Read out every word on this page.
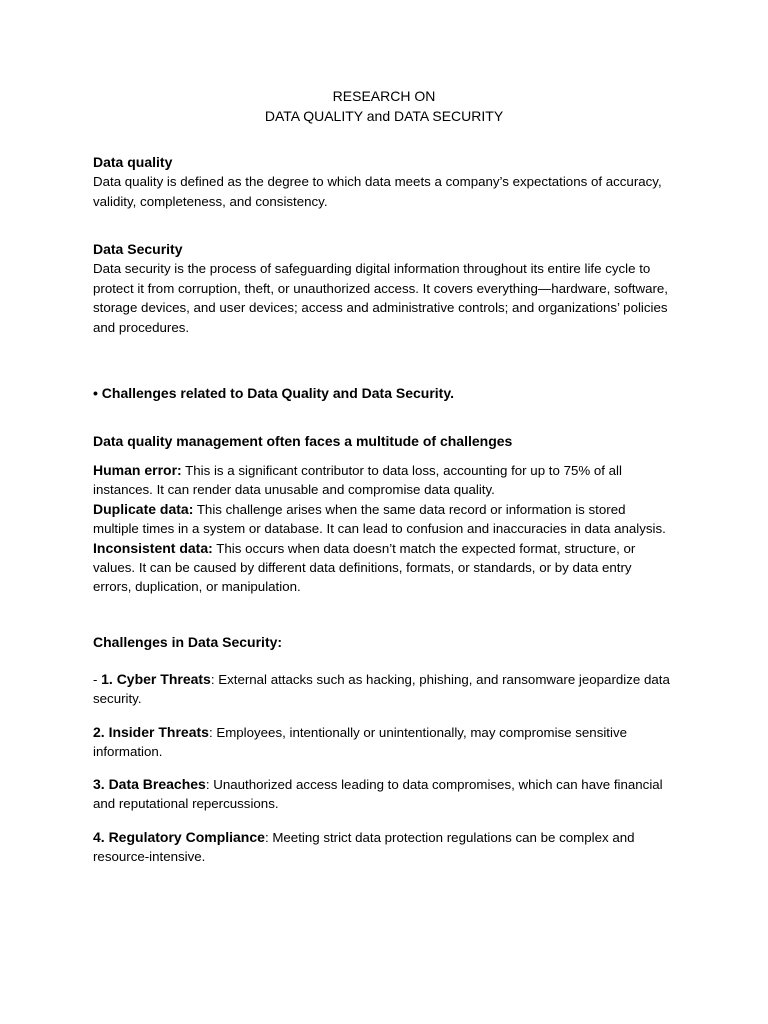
RESEARCH ON
DATA QUALITY and DATA SECURITY
Data quality

Data quality is defined as the degree to which data meets a company’s expectations of accuracy, validity, completeness, and consistency.

Data Security

Data security is the process of safeguarding digital information throughout its entire life cycle to protect it from corruption, theft, or unauthorized access. It covers everything—hardware, software, storage devices, and user devices; access and administrative controls; and organizations’ policies and procedures.

• Challenges related to Data Quality and Data Security.
Data quality management often faces a multitude of challenges

Human error: This is a significant contributor to data loss, accounting for up to 75% of all instances. It can render data unusable and compromise data quality.

Duplicate data: This challenge arises when the same data record or information is stored multiple times in a system or database. It can lead to confusion and inaccuracies in data analysis.

Inconsistent data: This occurs when data doesn’t match the expected format, structure, or values. It can be caused by different data definitions, formats, or standards, or by data entry errors, duplication, or manipulation.

Challenges in Data Security:

- 1. Cyber Threats: External attacks such as hacking, phishing, and ransomware jeopardize data security.

2. Insider Threats: Employees, intentionally or unintentionally, may compromise sensitive information.

3. Data Breaches: Unauthorized access leading to data compromises, which can have financial and reputational repercussions.

4. Regulatory Compliance: Meeting strict data protection regulations can be complex and resource-intensive.
